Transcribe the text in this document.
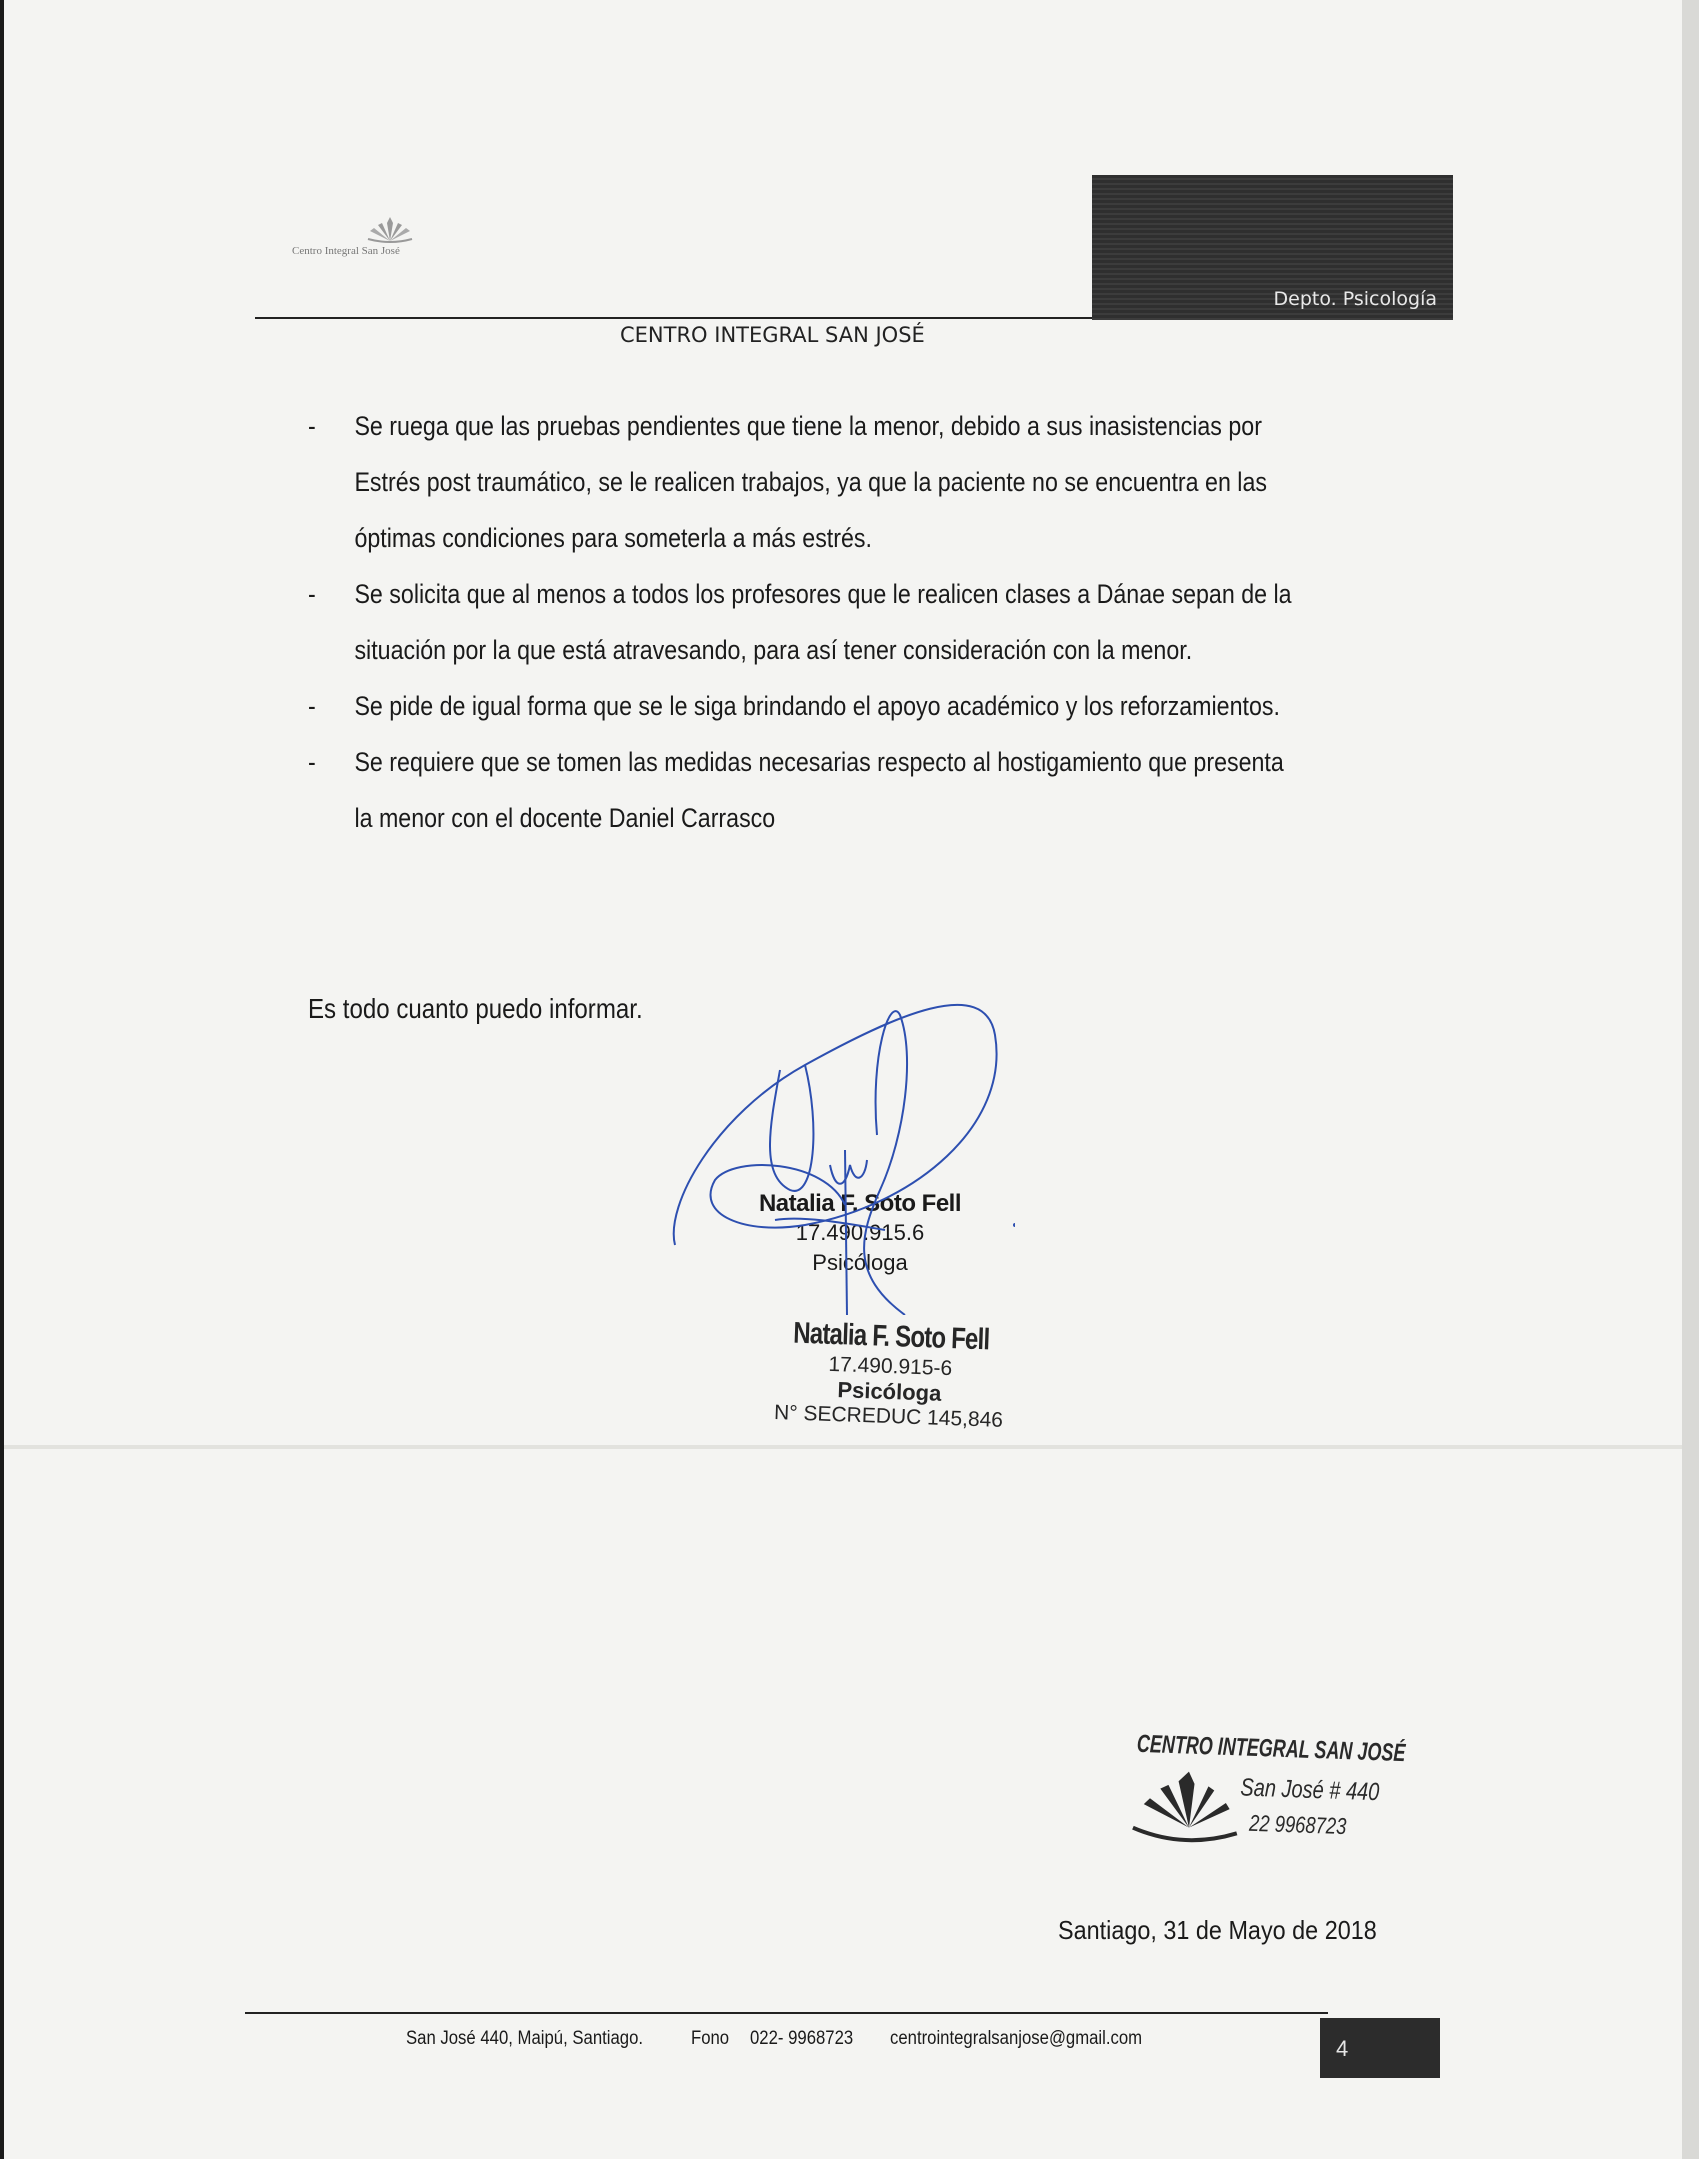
Centro Integral San José
Depto. Psicología
CENTRO INTEGRAL SAN JOSÉ
- Se ruega que las pruebas pendientes que tiene la menor, debido a sus inasistencias por Estrés post traumático, se le realicen trabajos, ya que la paciente no se encuentra en las óptimas condiciones para someterla a más estrés.
- Se solicita que al menos a todos los profesores que le realicen clases a Dánae sepan de la situación por la que está atravesando, para así tener consideración con la menor.
- Se pide de igual forma que se le siga brindando el apoyo académico y los reforzamientos.
- Se requiere que se tomen las medidas necesarias respecto al hostigamiento que presenta la menor con el docente Daniel Carrasco
Es todo cuanto puedo informar.
Natalia F. Soto Fell
17.490.915.6
Psicóloga
Natalia F. Soto Fell
17.490.915-6
Psicóloga
N° SECREDUC 145,846
CENTRO INTEGRAL SAN JOSÉ
San José # 440
22 9968723
Santiago, 31 de Mayo de 2018
San José 440, Maipú, Santiago.	Fono 022- 9968723 centrointegralsanjose@gmail.com	4
